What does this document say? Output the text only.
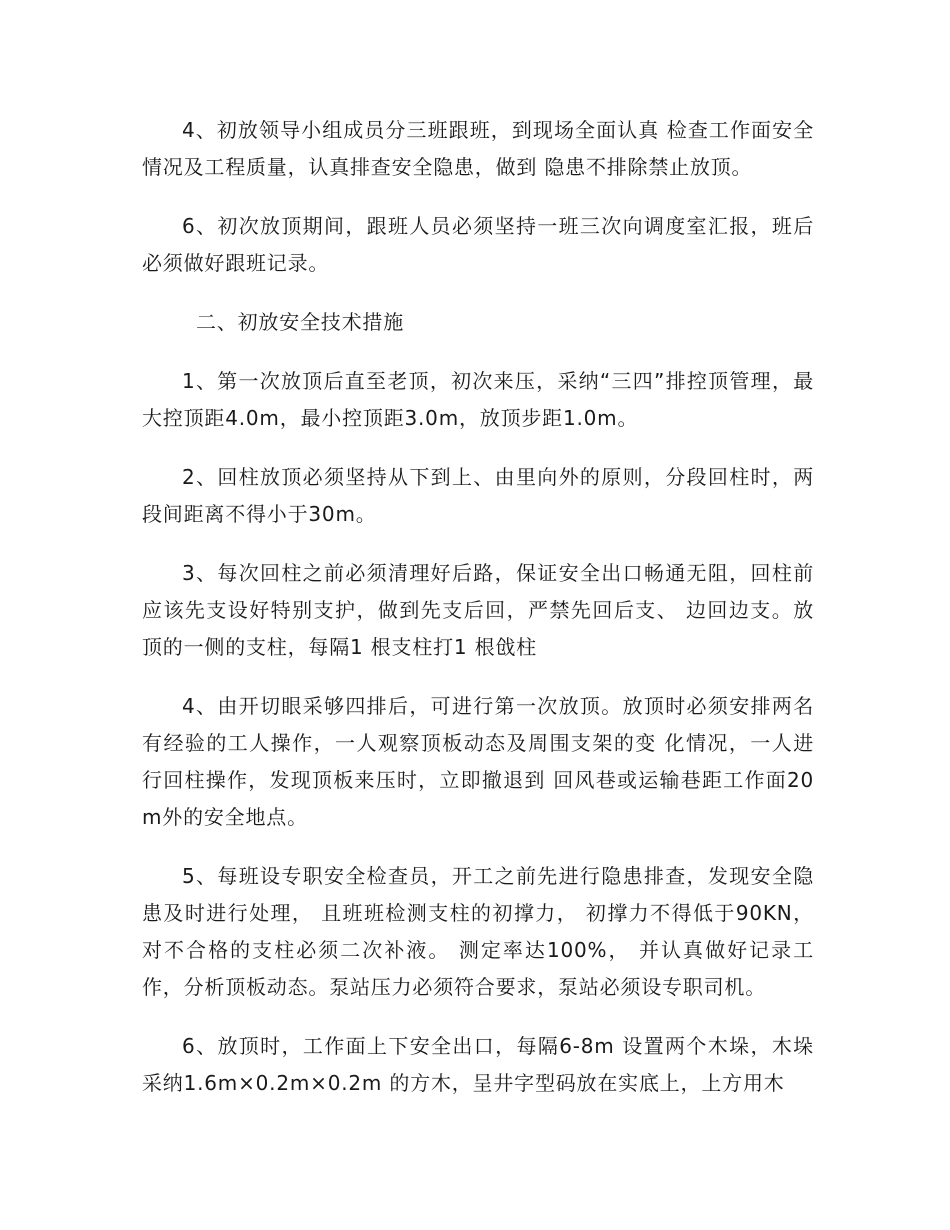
4、初放领导小组成员分三班跟班，到现场全面认真 检查工作面安全情况及工程质量，认真排查安全隐患，做到 隐患不排除禁止放顶。

6、初次放顶期间，跟班人员必须坚持一班三次向调度室汇报，班后必须做好跟班记录。

二、初放安全技术措施

1、第一次放顶后直至老顶，初次来压，采纳“三四”排控顶管理，最大控顶距4.0m，最小控顶距3.0m，放顶步距1.0m。

2、回柱放顶必须坚持从下到上、由里向外的原则，分段回柱时，两段间距离不得小于30m。

3、每次回柱之前必须清理好后路，保证安全出口畅通无阻，回柱前应该先支设好特别支护，做到先支后回，严禁先回后支、 边回边支。放顶的一侧的支柱，每隔1 根支柱打1 根戗柱

4、由开切眼采够四排后，可进行第一次放顶。放顶时必须安排两名有经验的工人操作，一人观察顶板动态及周围支架的变 化情况，一人进行回柱操作，发现顶板来压时，立即撤退到 回风巷或运输巷距工作面20m外的安全地点。

5、每班设专职安全检查员，开工之前先进行隐患排查，发现安全隐患及时进行处理， 且班班检测支柱的初撑力， 初撑力不得低于90KN， 对不合格的支柱必须二次补液。 测定率达100%， 并认真做好记录工作，分析顶板动态。泵站压力必须符合要求，泵站必须设专职司机。

6、放顶时，工作面上下安全出口，每隔6-8m 设置两个木垛，木垛采纳1.6m×0.2m×0.2m 的方木，呈井字型码放在实底上，上方用木
